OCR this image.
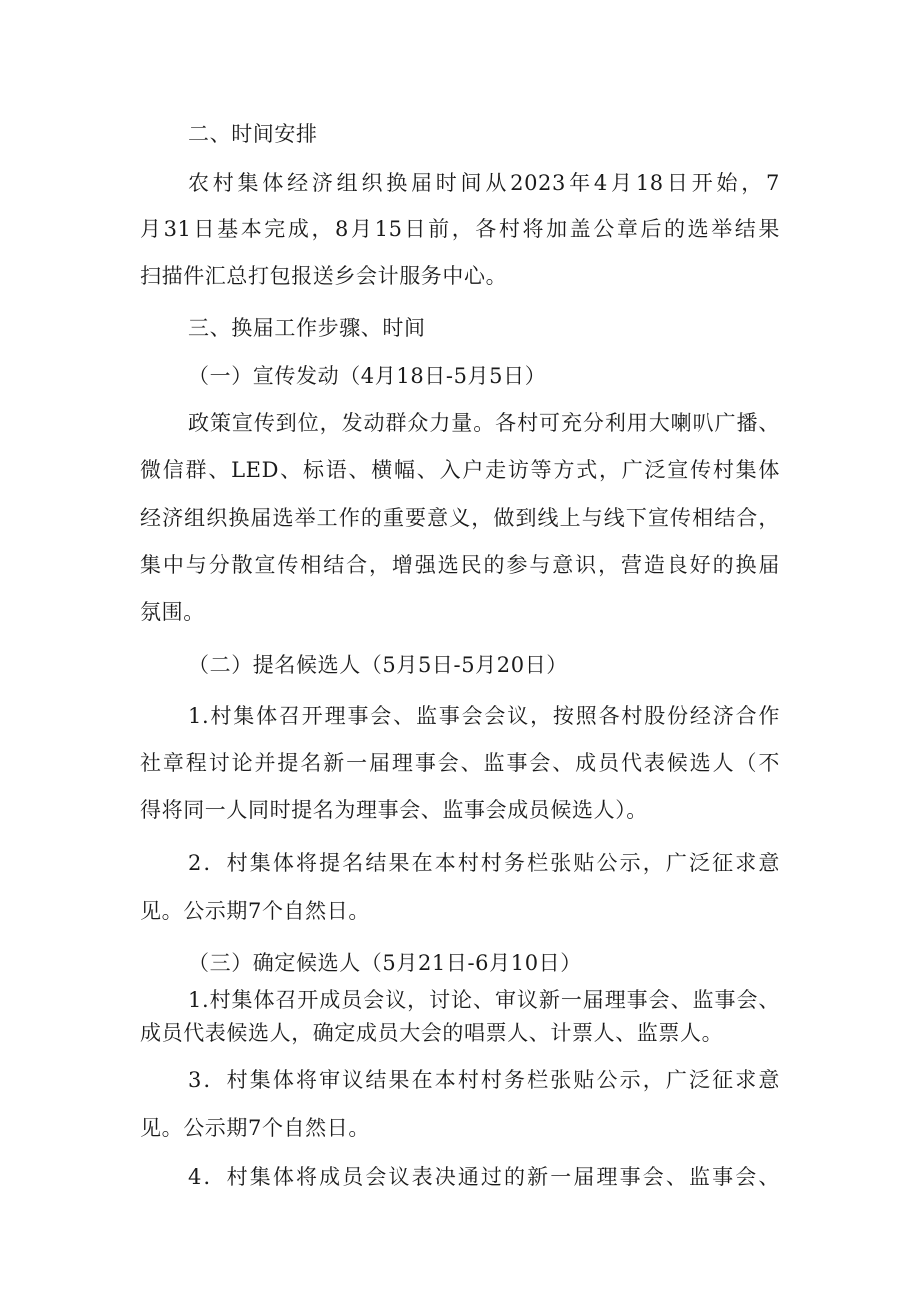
二、时间安排
农村集体经济组织换届时间从2023年4月18日开始，7
月31日基本完成，8月15日前，各村将加盖公章后的选举结果
扫描件汇总打包报送乡会计服务中心。
三、换届工作步骤、时间
（一）宣传发动（4月18日-5月5日）
政策宣传到位，发动群众力量。各村可充分利用大喇叭广播、
微信群、LED、标语、横幅、入户走访等方式，广泛宣传村集体
经济组织换届选举工作的重要意义，做到线上与线下宣传相结合，
集中与分散宣传相结合，增强选民的参与意识，营造良好的换届
氛围。
（二）提名候选人（5月5日-5月20日）
1.村集体召开理事会、监事会会议，按照各村股份经济合作
社章程讨论并提名新一届理事会、监事会、成员代表候选人（不
得将同一人同时提名为理事会、监事会成员候选人）。
2．村集体将提名结果在本村村务栏张贴公示，广泛征求意
见。公示期7个自然日。
（三）确定候选人（5月21日-6月10日）
1.村集体召开成员会议，讨论、审议新一届理事会、监事会、
成员代表候选人，确定成员大会的唱票人、计票人、监票人。
3．村集体将审议结果在本村村务栏张贴公示，广泛征求意
见。公示期7个自然日。
4．村集体将成员会议表决通过的新一届理事会、监事会、
